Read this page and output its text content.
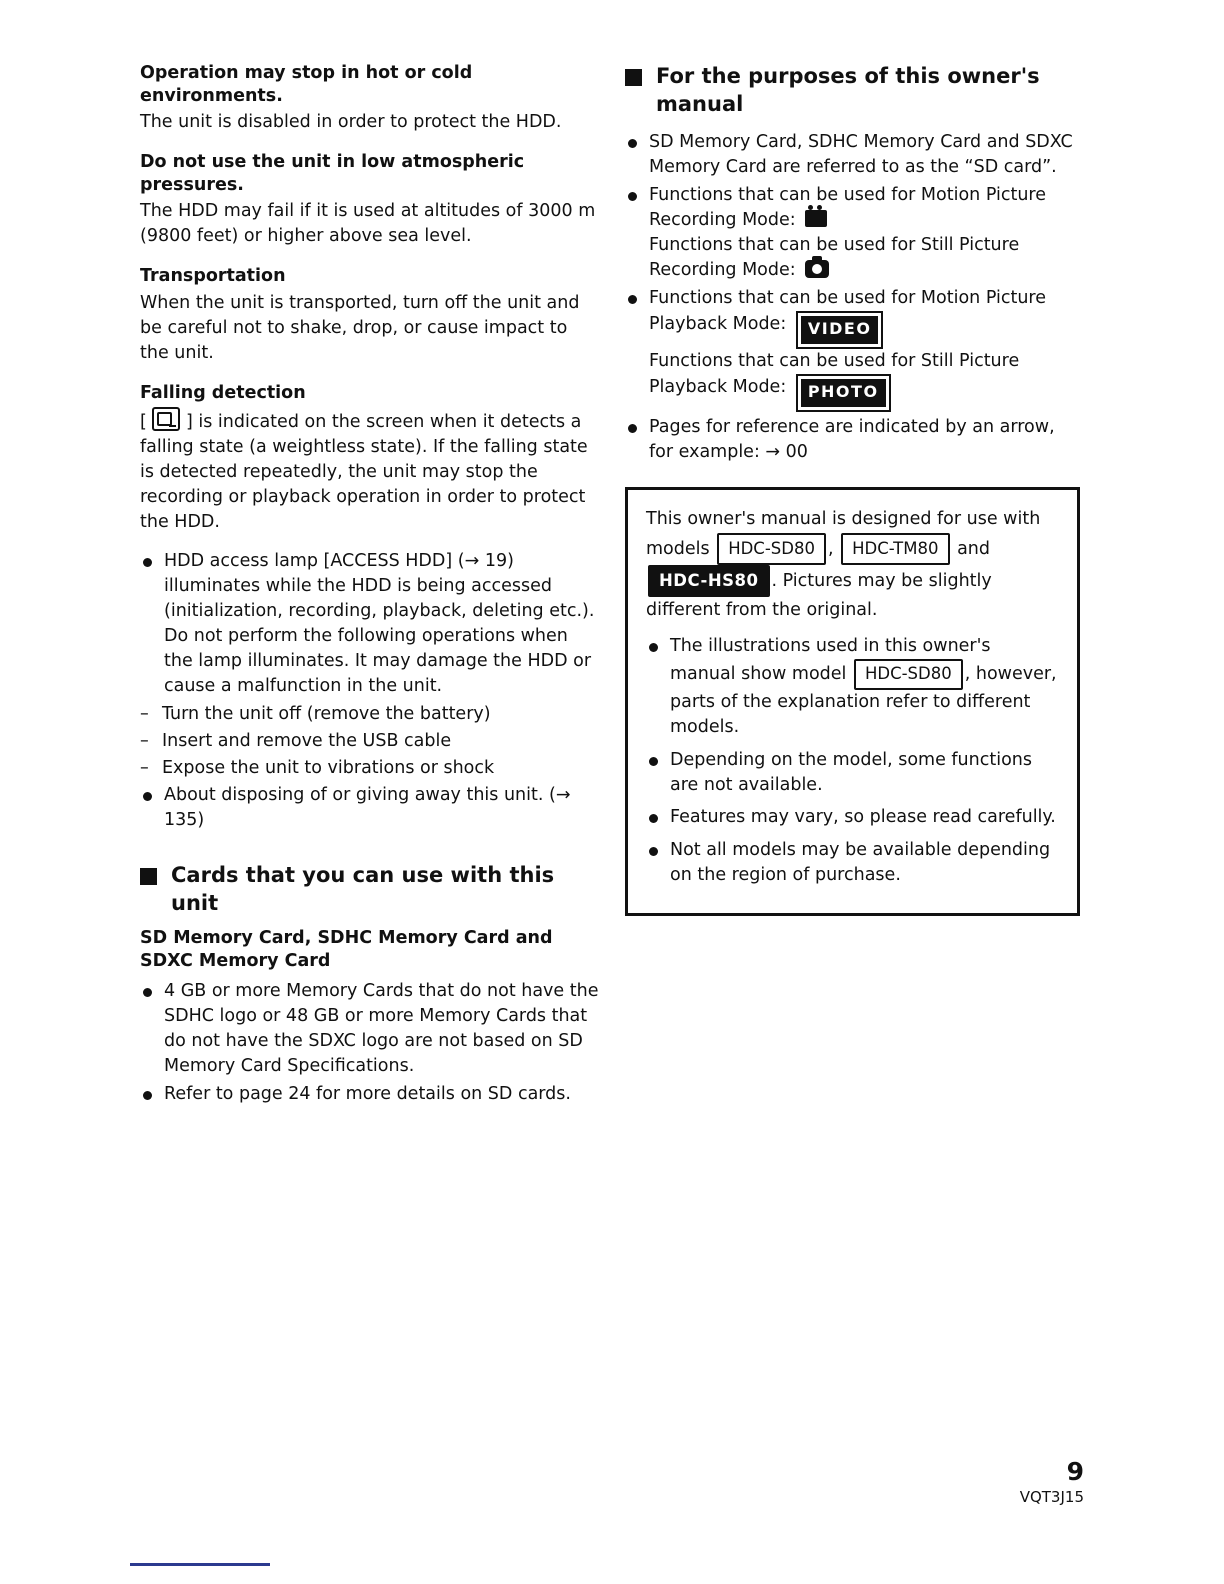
Operation may stop in hot or cold environments.

The unit is disabled in order to protect the HDD.

Do not use the unit in low atmospheric pressures.

The HDD may fail if it is used at altitudes of 3000 m (9800 feet) or higher above sea level.

Transportation

When the unit is transported, turn off the unit and be careful not to shake, drop, or cause impact to the unit.

Falling detection

[ ] is indicated on the screen when it detects a falling state (a weightless state). If the falling state is detected repeatedly, the unit may stop the recording or playback operation in order to protect the HDD.

HDD access lamp [ACCESS HDD] (→ 19) illuminates while the HDD is being accessed (initialization, recording, playback, deleting etc.). Do not perform the following operations when the lamp illuminates. It may damage the HDD or cause a malfunction in the unit.
– Turn the unit off (remove the battery)
– Insert and remove the USB cable
– Expose the unit to vibrations or shock
About disposing of or giving away this unit. (→ 135)
Cards that you can use with this unit

SD Memory Card, SDHC Memory Card and SDXC Memory Card

4 GB or more Memory Cards that do not have the SDHC logo or 48 GB or more Memory Cards that do not have the SDXC logo are not based on SD Memory Card Specifications.
Refer to page 24 for more details on SD cards.
For the purposes of this owner's manual
SD Memory Card, SDHC Memory Card and SDXC Memory Card are referred to as the “SD card”.
Functions that can be used for Motion Picture Recording Mode:
Functions that can be used for Still Picture Recording Mode:
Functions that can be used for Motion Picture Playback Mode:	VIDEO

Functions that can be used for Still Picture Playback Mode:	PHOTO
Pages for reference are indicated by an arrow, for example: → 00

This owner's manual is designed for use with models HDC-SD80 , HDC-TM80 and HDC-HS80 . Pictures may be slightly different from the original.

The illustrations used in this owner's manual show model HDC-SD80 , however, parts of the explanation refer to different models.
Depending on the model, some functions are not available.
Features may vary, so please read carefully.
Not all models may be available depending on the region of purchase.
9
VQT3J15
